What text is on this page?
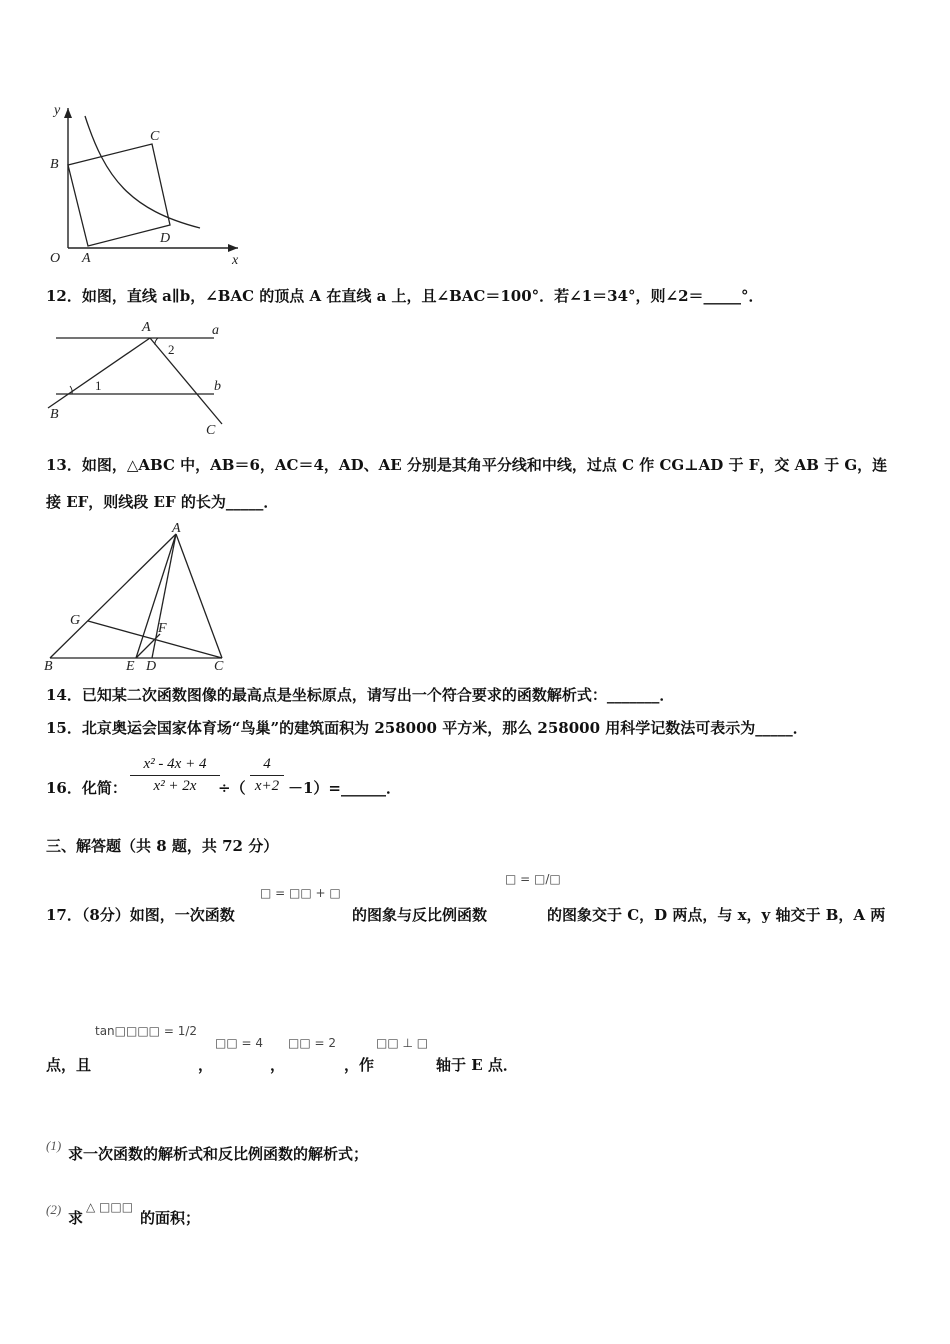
y
x
O A
B
C
D
12．如图，直线 a∥b，∠BAC 的顶点 A 在直线 a 上，且∠BAC＝100°．若∠1＝34°，则∠2＝_____°．
A	a
b
B
C
1
2
13．如图，△ABC 中，AB＝6，AC＝4，AD、AE 分别是其角平分线和中线，过点 C 作 CG⊥AD 于 F，交 AB 于 G，连
接 EF，则线段 EF 的长为_____．
A
G
F
B	E D	C
14．已知某二次函数图像的最高点是坐标原点，请写出一个符合要求的函数解析式：_______．
15．北京奥运会国家体育场“鸟巢”的建筑面积为 258000 平方米，那么 258000 用科学记数法可表示为_____．
16．化简：
x² - 4x + 4
x² + 2x	÷（
4
x+2 －1）=______．
三、解答题（共 8 题，共 72 分）
□ = □□ + □
□ = □/□
17．（8分）如图，一次函数	的图象与反比例函数	的图象交于 C，D 两点，与 x，y 轴交于 B，A 两
tan□□□□ = 1/2
□□ = 4 □□ = 2	□□ ⊥ □
点，且	，	，	，作	轴于 E 点．
(1) 求一次函数的解析式和反比例函数的解析式；
(2) 求
△ □□□
的面积；
